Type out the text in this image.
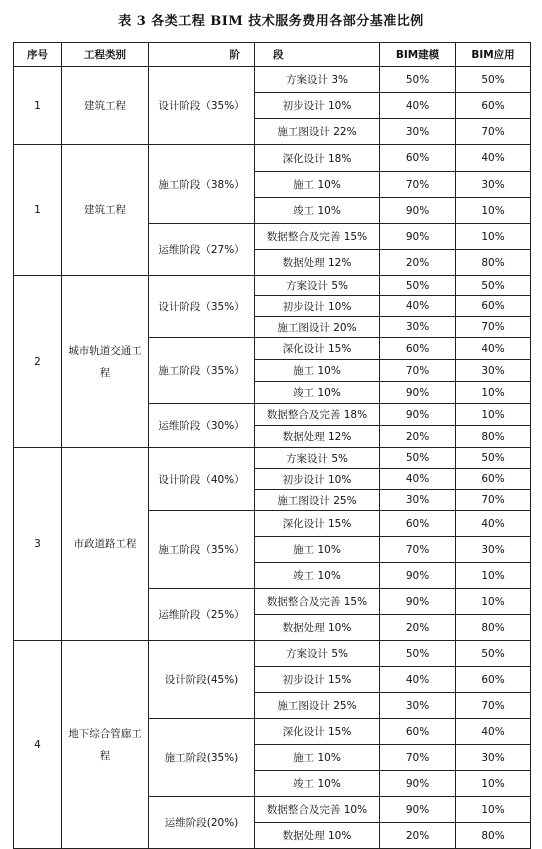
表 3 各类工程 BIM 技术服务费用各部分基准比例
序号	工程类别	阶	段	BIM建模	BIM应用
1	建筑工程	设计阶段（35%）	方案设计 3%	50%	50%
			初步设计 10%	40%	60%
			施工图设计 22%	30%	70%
1	建筑工程	施工阶段（38%）	深化设计 18%	60%	40%
			施工 10%	70%	30%
			竣工 10%	90%	10%
		运维阶段（27%）	数据整合及完善 15%	90%	10%
			数据处理 12%	20%	80%
2	城市轨道交通工程	设计阶段（35%）	方案设计 5%	50%	50%
			初步设计 10%	40%	60%
			施工图设计 20%	30%	70%
		施工阶段（35%）	深化设计 15%	60%	40%
			施工 10%	70%	30%
			竣工 10%	90%	10%
		运维阶段（30%）	数据整合及完善 18%	90%	10%
			数据处理 12%	20%	80%
3	市政道路工程	设计阶段（40%）	方案设计 5%	50%	50%
			初步设计 10%	40%	60%
			施工图设计 25%	30%	70%
		施工阶段（35%）	深化设计 15%	60%	40%
			施工 10%	70%	30%
			竣工 10%	90%	10%
		运维阶段（25%）	数据整合及完善 15%	90%	10%
			数据处理 10%	20%	80%
4	地下综合管廊工程	设计阶段(45%)	方案设计 5%	50%	50%
			初步设计 15%	40%	60%
			施工图设计 25%	30%	70%
		施工阶段(35%)	深化设计 15%	60%	40%
			施工 10%	70%	30%
			竣工 10%	90%	10%
		运维阶段(20%)	数据整合及完善 10%	90%	10%
			数据处理 10%	20%	80%
